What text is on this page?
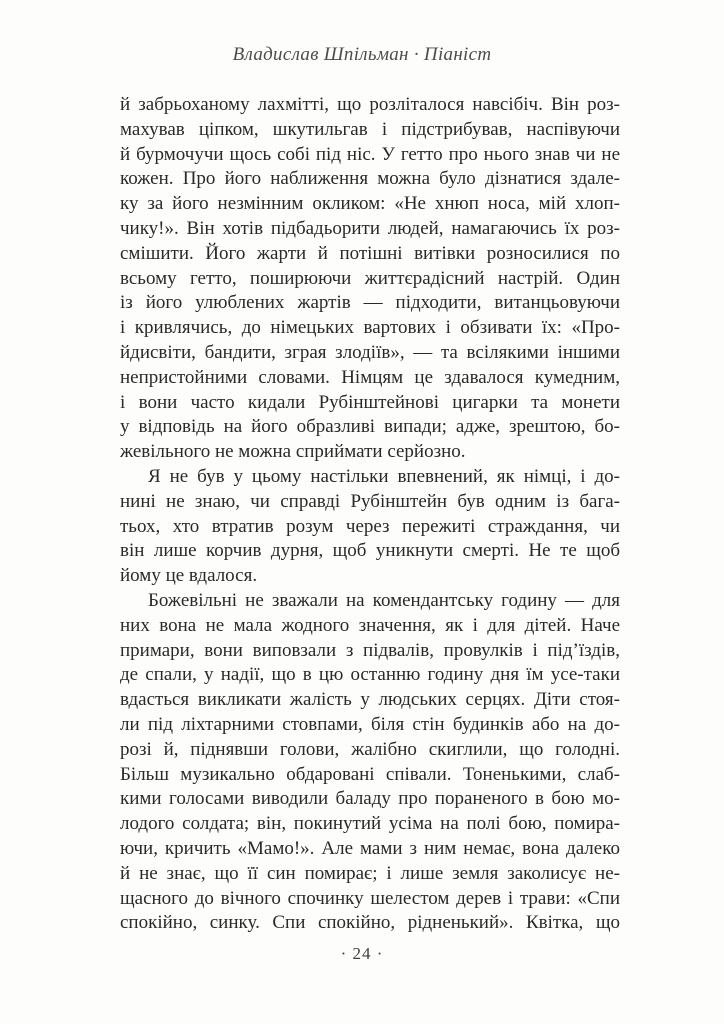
Владислав Шпільман · Піаніст
й забрьоханому лахмітті, що розліталося навсібіч. Він роз-
махував ціпком, шкутильгав і підстрибував, наспівуючи
й бурмочучи щось собі під ніс. У гетто про нього знав чи не
кожен. Про його наближення можна було дізнатися здале-
ку за його незмінним окликом: «Не хнюп носа, мій хлоп-
чику!». Він хотів підбадьорити людей, намагаючись їх роз-
смішити. Його жарти й потішні витівки розносилися по
всьому гетто, поширюючи життєрадісний настрій. Один
із його улюблених жартів — підходити, витанцьовуючи
і кривлячись, до німецьких вартових і обзивати їх: «Про-
йдисвіти, бандити, зграя злодіїв», — та всілякими іншими
непристойними словами. Німцям це здавалося кумедним,
і вони часто кидали Рубінштейнові цигарки та монети
у відповідь на його образливі випади; адже, зрештою, бо-
жевільного не можна сприймати серйозно.
Я не був у цьому настільки впевнений, як німці, і до-
нині не знаю, чи справді Рубінштейн був одним із бага-
тьох, хто втратив розум через пережиті страждання, чи
він лише корчив дурня, щоб уникнути смерті. Не те щоб
йому це вдалося.
Божевільні не зважали на комендантську годину — для
них вона не мала жодного значення, як і для дітей. Наче
примари, вони виповзали з підвалів, провулків і під’їздів,
де спали, у надії, що в цю останню годину дня їм усе-таки
вдасться викликати жалість у людських серцях. Діти стоя-
ли під ліхтарними стовпами, біля стін будинків або на до-
розі й, піднявши голови, жалібно скиглили, що голодні.
Більш музикально обдаровані співали. Тоненькими, слаб-
кими голосами виводили баладу про пораненого в бою мо-
лодого солдата; він, покинутий усіма на полі бою, помира-
ючи, кричить «Мамо!». Але мами з ним немає, вона далеко
й не знає, що її син помирає; і лише земля заколисує не-
щасного до вічного спочинку шелестом дерев і трави: «Спи
спокійно, синку. Спи спокійно, рідненький». Квітка, що
· 24 ·
